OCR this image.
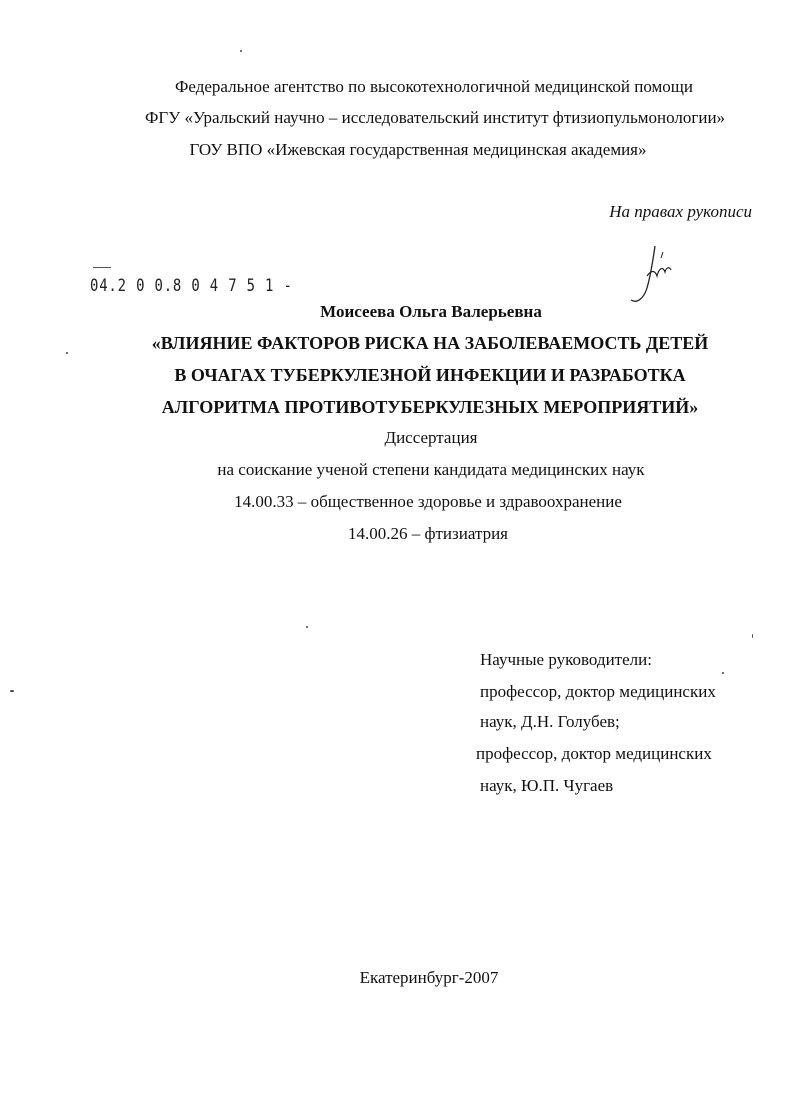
Федеральное агентство по высокотехнологичной медицинской помощи
ФГУ «Уральский научно – исследовательский институт фтизиопульмонологии»
ГОУ ВПО «Ижевская государственная медицинская академия»
На правах рукописи
04.2 0 0.8 0 4 7 5 1 -
Моисеева Ольга Валерьевна
«ВЛИЯНИЕ ФАКТОРОВ РИСКА НА ЗАБОЛЕВАЕМОСТЬ ДЕТЕЙ
В ОЧАГАХ ТУБЕРКУЛЕЗНОЙ ИНФЕКЦИИ И РАЗРАБОТКА
АЛГОРИТМА ПРОТИВОТУБЕРКУЛЕЗНЫХ МЕРОПРИЯТИЙ»
Диссертация
на соискание ученой степени кандидата медицинских наук
14.00.33 – общественное здоровье и здравоохранение
14.00.26 – фтизиатрия
Научные руководители:
профессор, доктор медицинских
наук, Д.Н. Голубев;
профессор, доктор медицинских
наук, Ю.П. Чугаев
Екатеринбург-2007
